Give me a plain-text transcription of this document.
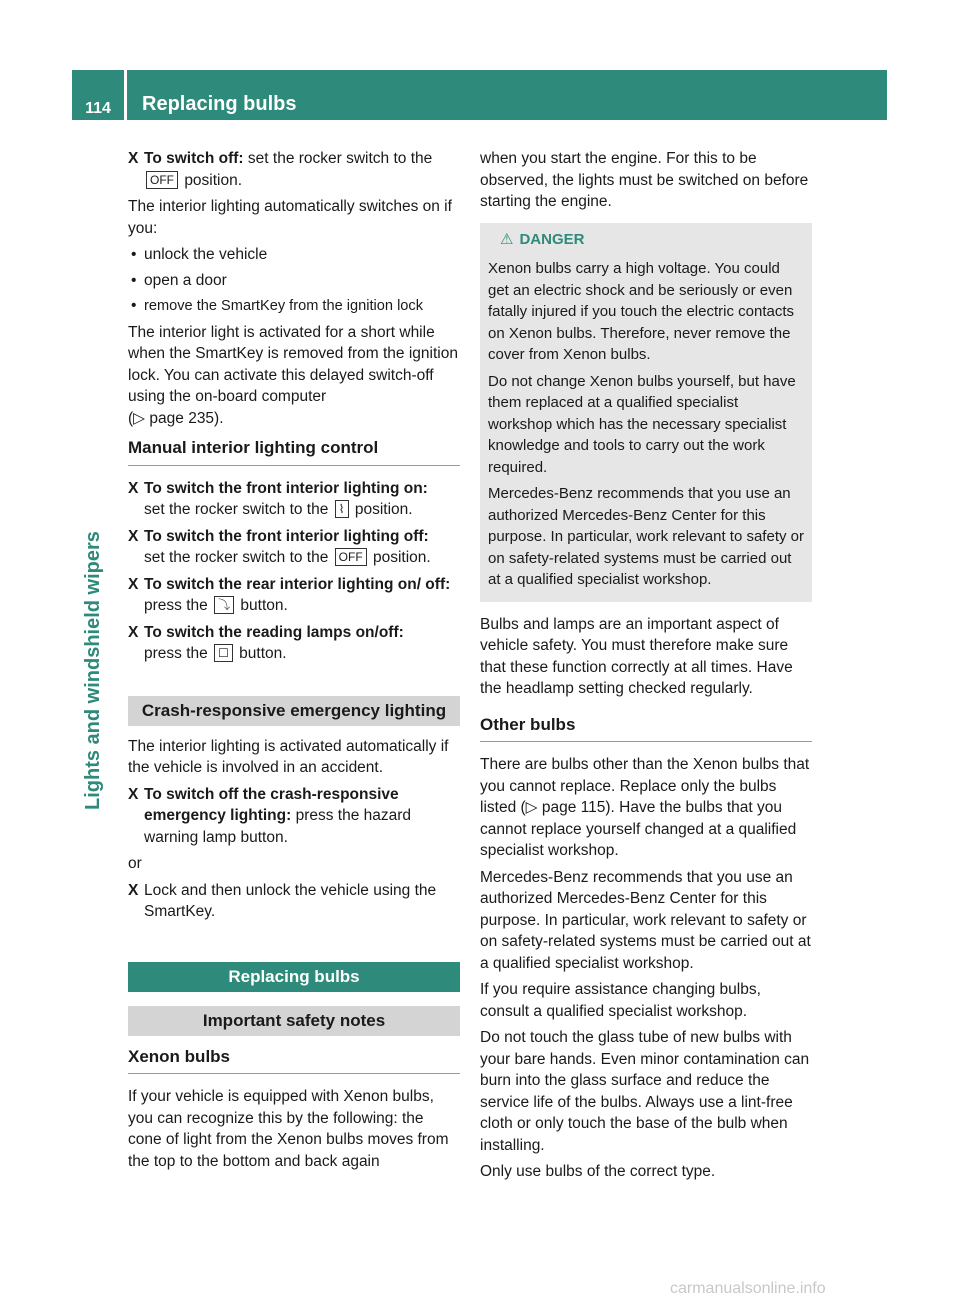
114	Replacing bulbs
Lights and windshield wipers
X To switch off: set the rocker switch to the
OFF position.

The interior lighting automatically switches on if you:

• unlock the vehicle
• open a door
• remove the SmartKey from the ignition lock

The interior light is activated for a short while when the SmartKey is removed from the ignition lock. You can activate this delayed switch-off using the on-board computer
(▷ page 235).

Manual interior lighting control
X To switch the front interior lighting on:
set the rocker switch to the ⌇ position.
X To switch the front interior lighting off:
set the rocker switch to the OFF position.
X To switch the rear interior lighting on/ off: press the ⤵ button.
X To switch the reading lamps on/off:
press the ☐ button.
Crash-responsive emergency lighting

The interior lighting is activated automatically if the vehicle is involved in an accident.

X To switch off the crash-responsive emergency lighting: press the hazard warning lamp button.

or

X Lock and then unlock the vehicle using the SmartKey.
Replacing bulbs
Important safety notes
Xenon bulbs

If your vehicle is equipped with Xenon bulbs, you can recognize this by the following: the cone of light from the Xenon bulbs moves from the top to the bottom and back again

when you start the engine. For this to be observed, the lights must be switched on before starting the engine.

⚠ DANGER

Xenon bulbs carry a high voltage. You could get an electric shock and be seriously or even fatally injured if you touch the electric contacts on Xenon bulbs. Therefore, never remove the cover from Xenon bulbs.

Do not change Xenon bulbs yourself, but have them replaced at a qualified specialist workshop which has the necessary specialist knowledge and tools to carry out the work required.

Mercedes-Benz recommends that you use an authorized Mercedes-Benz Center for this purpose. In particular, work relevant to safety or on safety-related systems must be carried out at a qualified specialist workshop.

Bulbs and lamps are an important aspect of vehicle safety. You must therefore make sure that these function correctly at all times. Have the headlamp setting checked regularly.

Other bulbs

There are bulbs other than the Xenon bulbs that you cannot replace. Replace only the bulbs listed (▷ page 115). Have the bulbs that you cannot replace yourself changed at a qualified specialist workshop.

Mercedes-Benz recommends that you use an authorized Mercedes-Benz Center for this purpose. In particular, work relevant to safety or on safety-related systems must be carried out at a qualified specialist workshop.

If you require assistance changing bulbs, consult a qualified specialist workshop.

Do not touch the glass tube of new bulbs with your bare hands. Even minor contamination can burn into the glass surface and reduce the service life of the bulbs. Always use a lint-free cloth or only touch the base of the bulb when installing.

Only use bulbs of the correct type.

carmanualsonline.info
